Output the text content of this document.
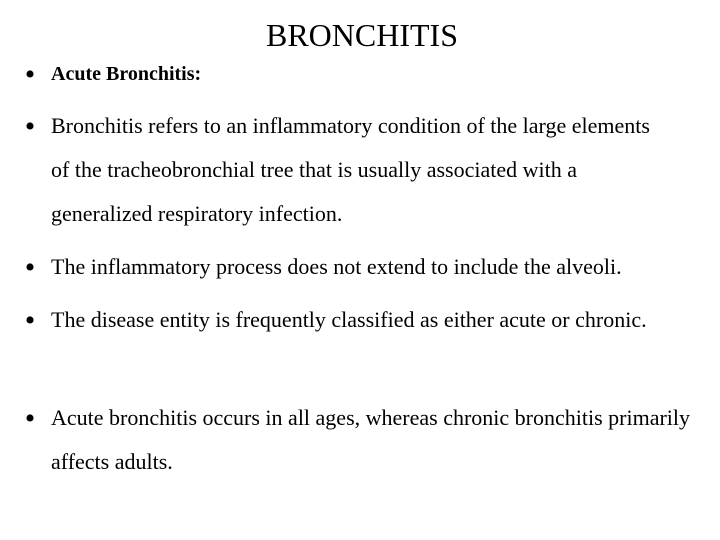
BRONCHITIS
• Acute Bronchitis:
• Bronchitis refers to an inflammatory condition of the large elements of the tracheobronchial tree that is usually associated with a generalized respiratory infection.
• The inflammatory process does not extend to include the alveoli.
• The disease entity is frequently classified as either acute or chronic.
• Acute bronchitis occurs in all ages, whereas chronic bronchitis primarily affects adults.
